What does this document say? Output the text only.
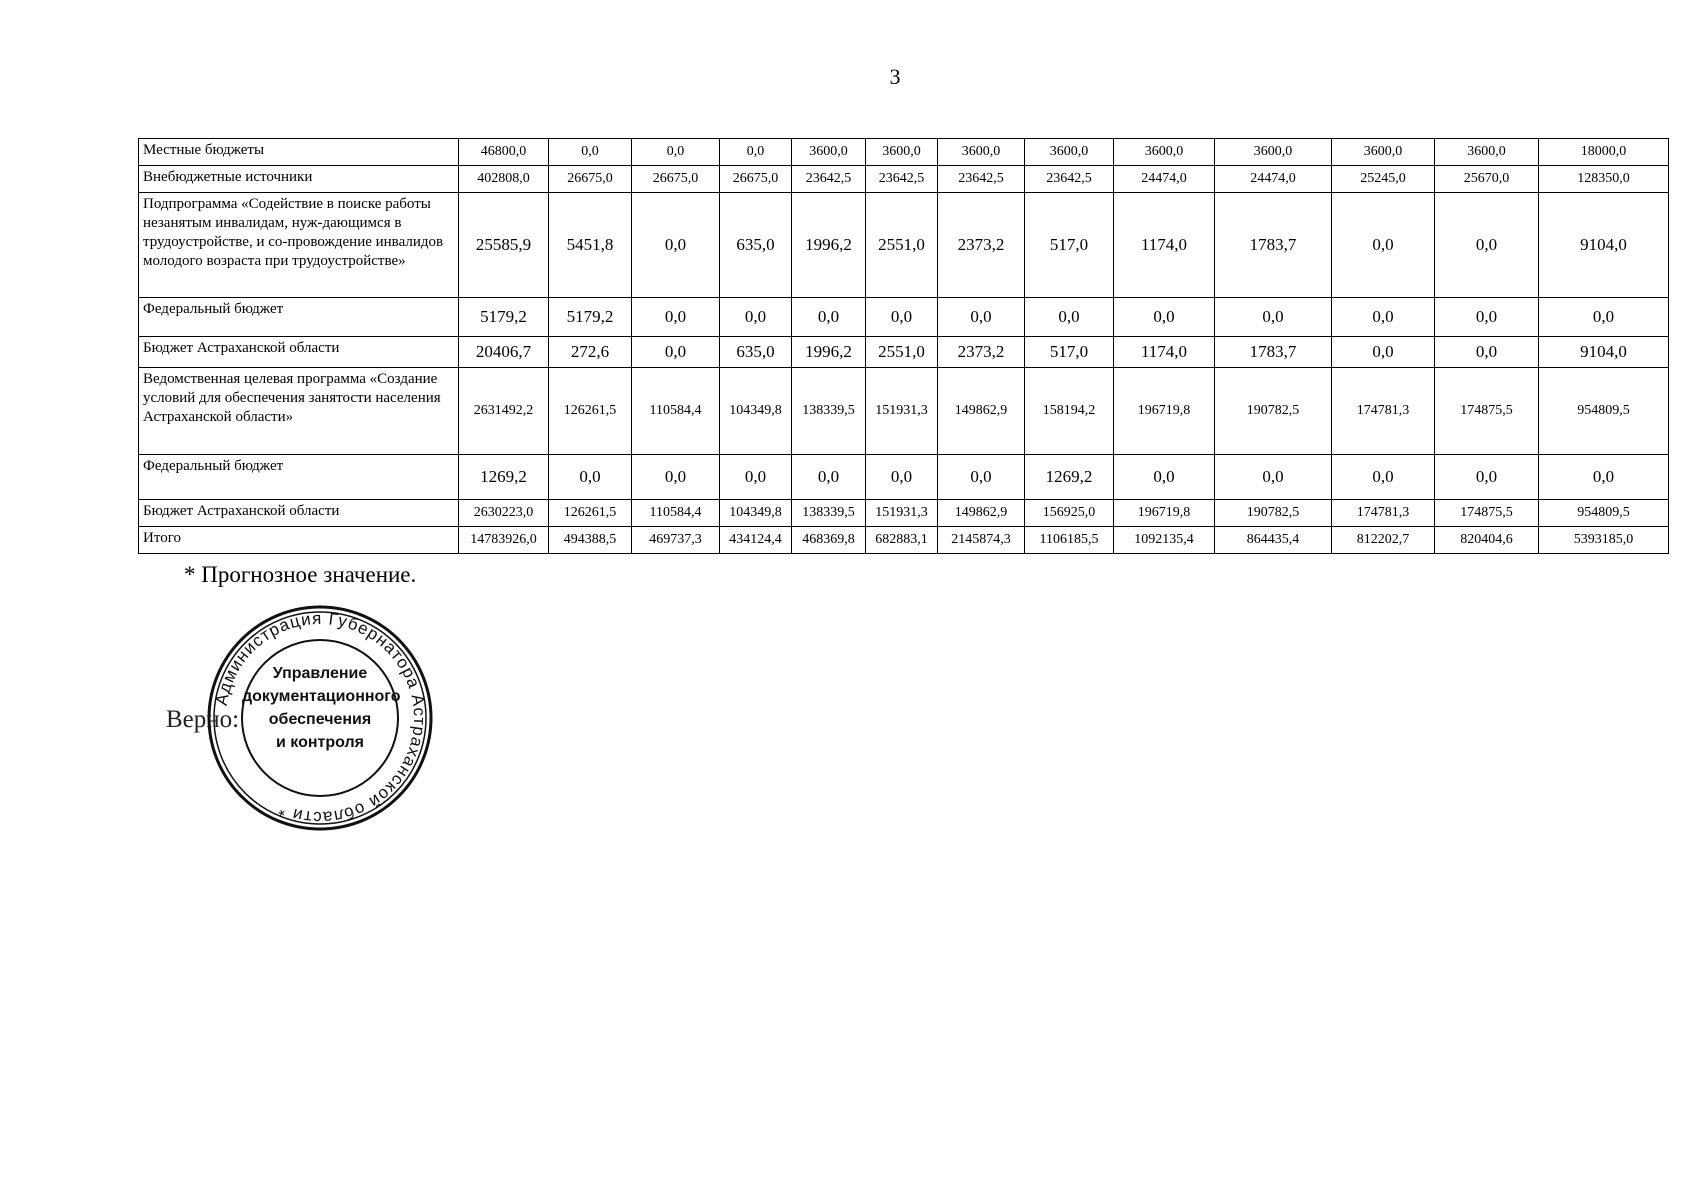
3
Местные бюджеты	46800,0	0,0	0,0	0,0	3600,0	3600,0	3600,0	3600,0	3600,0	3600,0	3600,0	3600,0	18000,0
Внебюджетные источники	402808,0	26675,0	26675,0	26675,0	23642,5	23642,5	23642,5	23642,5	24474,0	24474,0	25245,0	25670,0	128350,0
Подпрограмма «Содействие в поиске работы незанятым инвалидам, нуж-дающимся в трудоустройстве, и со-провождение инвалидов молодого возраста при трудоустройстве»	25585,9	5451,8	0,0	635,0	1996,2	2551,0	2373,2	517,0	1174,0	1783,7	0,0	0,0	9104,0
Федеральный бюджет	5179,2	5179,2	0,0	0,0	0,0	0,0	0,0	0,0	0,0	0,0	0,0	0,0	0,0
Бюджет Астраханской области	20406,7	272,6	0,0	635,0	1996,2	2551,0	2373,2	517,0	1174,0	1783,7	0,0	0,0	9104,0
Ведомственная целевая программа «Создание условий для обеспечения занятости населения Астраханской области»	2631492,2	126261,5	110584,4	104349,8	138339,5	151931,3	149862,9	158194,2	196719,8	190782,5	174781,3	174875,5	954809,5
Федеральный бюджет	1269,2	0,0	0,0	0,0	0,0	0,0	0,0	1269,2	0,0	0,0	0,0	0,0	0,0
Бюджет Астраханской области	2630223,0	126261,5	110584,4	104349,8	138339,5	151931,3	149862,9	156925,0	196719,8	190782,5	174781,3	174875,5	954809,5
Итого	14783926,0	494388,5	469737,3	434124,4	468369,8	682883,1	2145874,3	1106185,5	1092135,4	864435,4	812202,7	820404,6	5393185,0
* Прогнозное значение.
Верно:
Администрация Губернатора Астраханской области *
Управление
документационного
обеспечения
и контроля
